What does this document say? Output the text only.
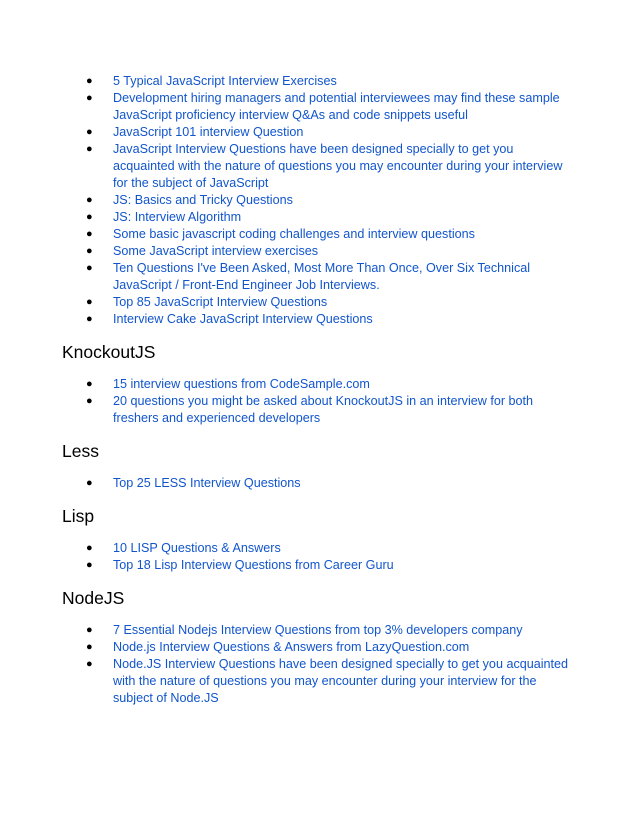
● 5 Typical JavaScript Interview Exercises
● Development hiring managers and potential interviewees may find these sample JavaScript proficiency interview Q&As and code snippets useful
● JavaScript 101 interview Question
● JavaScript Interview Questions have been designed specially to get you acquainted with the nature of questions you may encounter during your interview for the subject of JavaScript
● JS: Basics and Tricky Questions
● JS: Interview Algorithm
● Some basic javascript coding challenges and interview questions
● Some JavaScript interview exercises
● Ten Questions I've Been Asked, Most More Than Once, Over Six Technical JavaScript / Front-End Engineer Job Interviews.
● Top 85 JavaScript Interview Questions
● Interview Cake JavaScript Interview Questions
KnockoutJS
● 15 interview questions from CodeSample.com
● 20 questions you might be asked about KnockoutJS in an interview for both freshers and experienced developers
Less
● Top 25 LESS Interview Questions
Lisp
● 10 LISP Questions & Answers
● Top 18 Lisp Interview Questions from Career Guru
NodeJS
● 7 Essential Nodejs Interview Questions from top 3% developers company
● Node.js Interview Questions & Answers from LazyQuestion.com
● Node.JS Interview Questions have been designed specially to get you acquainted with the nature of questions you may encounter during your interview for the subject of Node.JS
